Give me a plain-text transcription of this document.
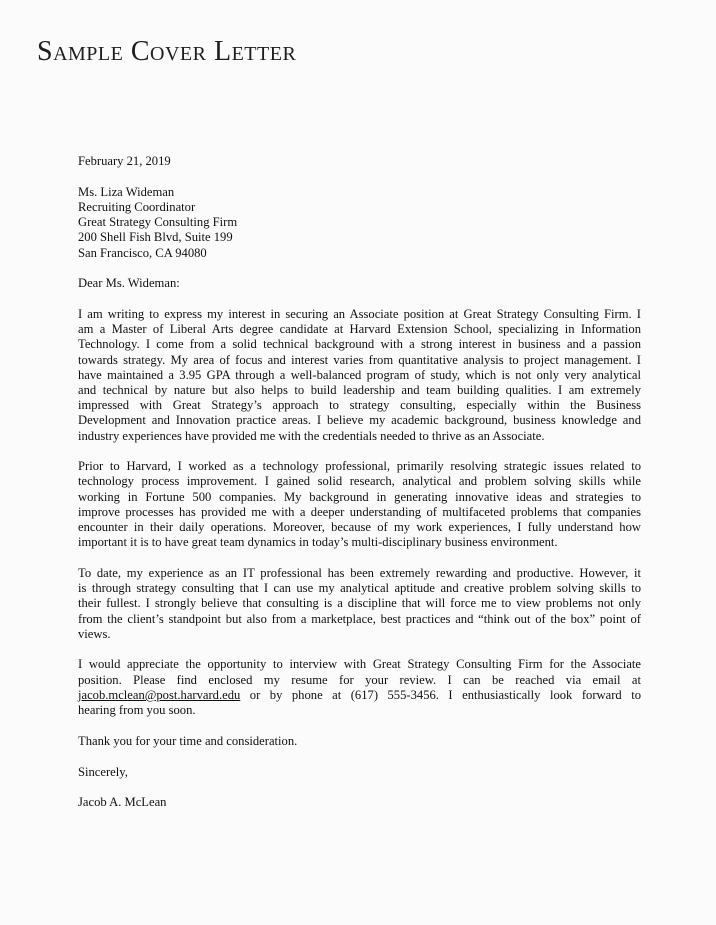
Sample Cover Letter
February 21, 2019
Ms. Liza Wideman
Recruiting Coordinator
Great Strategy Consulting Firm
200 Shell Fish Blvd, Suite 199
San Francisco, CA 94080
Dear Ms. Wideman:
I am writing to express my interest in securing an Associate position at Great Strategy Consulting Firm. I
am a Master of Liberal Arts degree candidate at Harvard Extension School, specializing in Information
Technology. I come from a solid technical background with a strong interest in business and a passion
towards strategy. My area of focus and interest varies from quantitative analysis to project management. I
have maintained a 3.95 GPA through a well-balanced program of study, which is not only very analytical
and technical by nature but also helps to build leadership and team building qualities. I am extremely
impressed with Great Strategy’s approach to strategy consulting, especially within the Business
Development and Innovation practice areas. I believe my academic background, business knowledge and
industry experiences have provided me with the credentials needed to thrive as an Associate.
Prior to Harvard, I worked as a technology professional, primarily resolving strategic issues related to
technology process improvement. I gained solid research, analytical and problem solving skills while
working in Fortune 500 companies. My background in generating innovative ideas and strategies to
improve processes has provided me with a deeper understanding of multifaceted problems that companies
encounter in their daily operations. Moreover, because of my work experiences, I fully understand how
important it is to have great team dynamics in today’s multi-disciplinary business environment.
To date, my experience as an IT professional has been extremely rewarding and productive. However, it
is through strategy consulting that I can use my analytical aptitude and creative problem solving skills to
their fullest. I strongly believe that consulting is a discipline that will force me to view problems not only
from the client’s standpoint but also from a marketplace, best practices and “think out of the box” point of
views.
I would appreciate the opportunity to interview with Great Strategy Consulting Firm for the Associate
position. Please find enclosed my resume for your review. I can be reached via email at
jacob.mclean@post.harvard.edu or by phone at (617) 555-3456. I enthusiastically look forward to
hearing from you soon.
Thank you for your time and consideration.
Sincerely,
Jacob A. McLean
